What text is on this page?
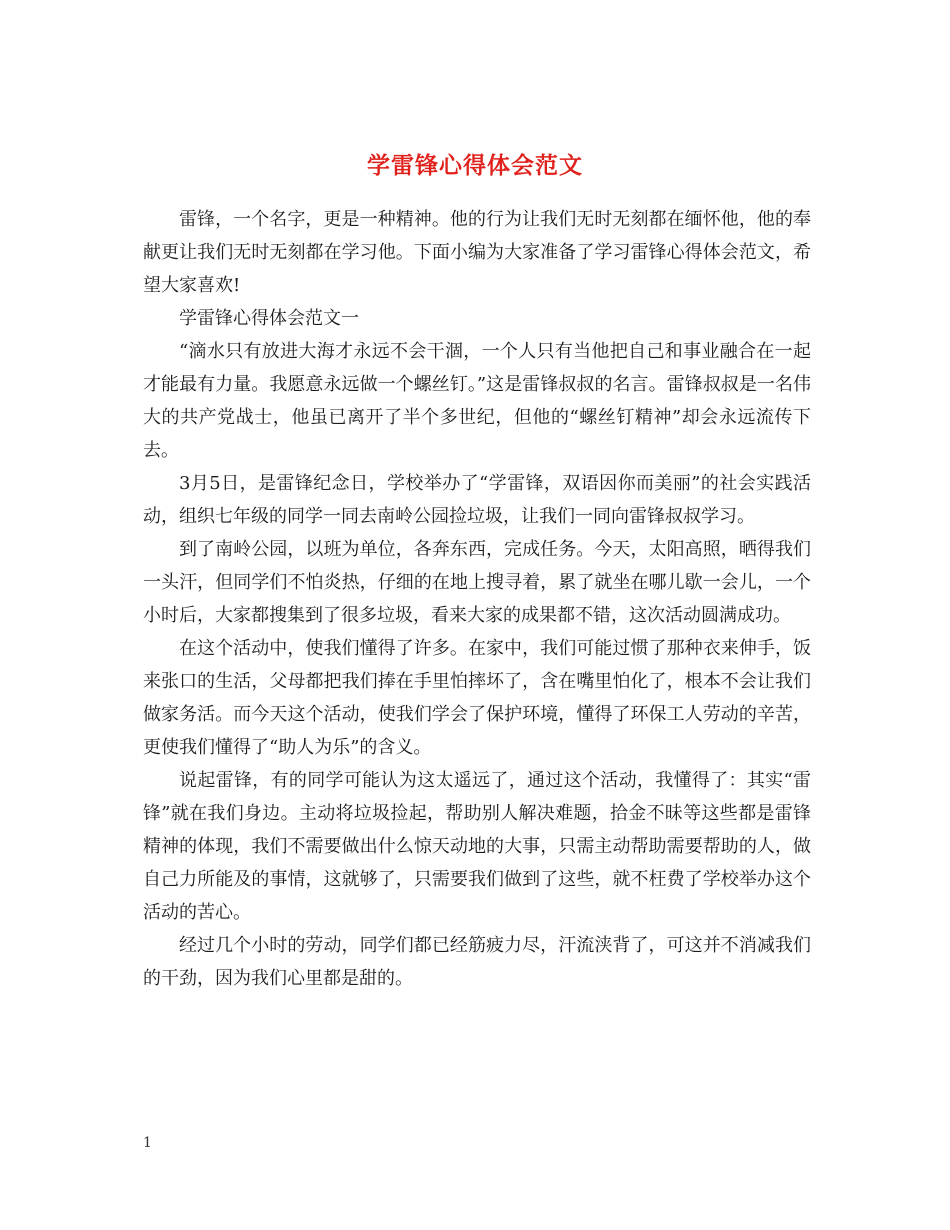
学雷锋心得体会范文

雷锋，一个名字，更是一种精神。他的行为让我们无时无刻都在缅怀他，他的奉献更让我们无时无刻都在学习他。下面小编为大家准备了学习雷锋心得体会范文，希望大家喜欢!

学雷锋心得体会范文一

“滴水只有放进大海才永远不会干涸，一个人只有当他把自己和事业融合在一起才能最有力量。我愿意永远做一个螺丝钉。”这是雷锋叔叔的名言。雷锋叔叔是一名伟大的共产党战士，他虽已离开了半个多世纪，但他的“螺丝钉精神”却会永远流传下去。

3月5日，是雷锋纪念日，学校举办了“学雷锋，双语因你而美丽”的社会实践活动，组织七年级的同学一同去南岭公园捡垃圾，让我们一同向雷锋叔叔学习。

到了南岭公园，以班为单位，各奔东西，完成任务。今天，太阳高照，晒得我们一头汗，但同学们不怕炎热，仔细的在地上搜寻着，累了就坐在哪儿歇一会儿，一个小时后，大家都搜集到了很多垃圾，看来大家的成果都不错，这次活动圆满成功。

在这个活动中，使我们懂得了许多。在家中，我们可能过惯了那种衣来伸手，饭来张口的生活，父母都把我们捧在手里怕摔坏了，含在嘴里怕化了，根本不会让我们做家务活。而今天这个活动，使我们学会了保护环境，懂得了环保工人劳动的辛苦，更使我们懂得了“助人为乐”的含义。

说起雷锋，有的同学可能认为这太遥远了，通过这个活动，我懂得了：其实“雷锋”就在我们身边。主动将垃圾捡起，帮助别人解决难题，拾金不昧等这些都是雷锋精神的体现，我们不需要做出什么惊天动地的大事，只需主动帮助需要帮助的人，做自己力所能及的事情，这就够了，只需要我们做到了这些，就不枉费了学校举办这个活动的苦心。

经过几个小时的劳动，同学们都已经筋疲力尽，汗流浃背了，可这并不消减我们的干劲，因为我们心里都是甜的。

1
